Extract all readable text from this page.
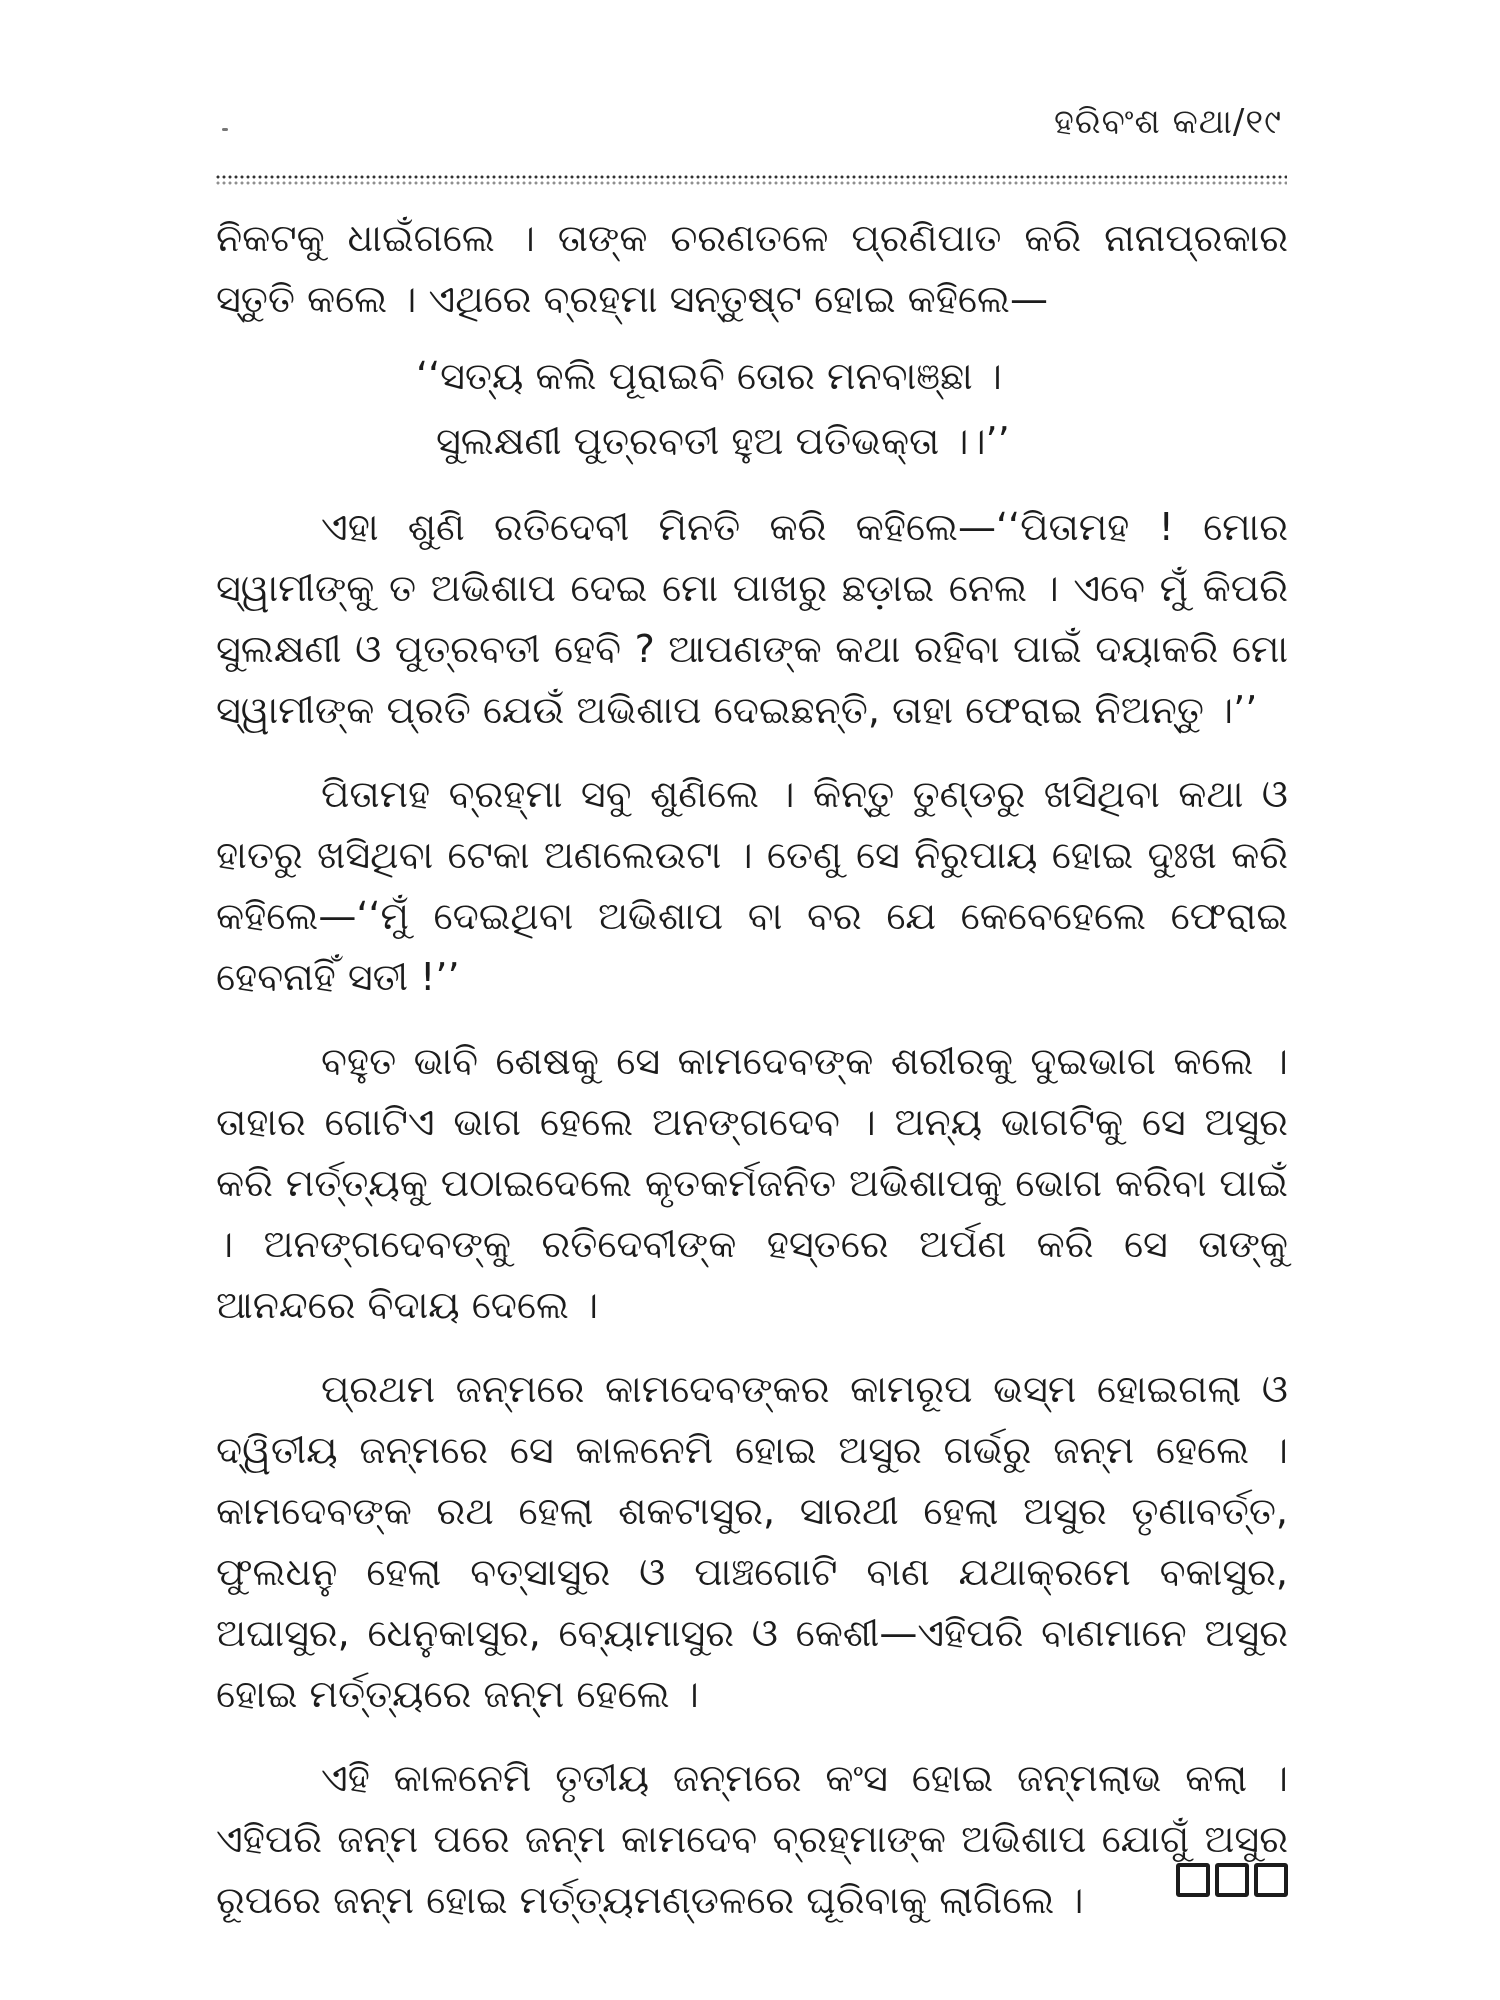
ହରିବଂଶ କଥା/୧୯

ନିକଟକୁ ଧାଇଁଗଲେ । ତାଙ୍କ ଚରଣତଳେ ପ୍ରଣିପାତ କରି ନାନାପ୍ରକାର ସ୍ତୁତି କଲେ । ଏଥିରେ ବ୍ରହ୍ମା ସନ୍ତୁଷ୍ଟ ହୋଇ କହିଲେ—

‘‘ସତ୍ୟ କଲି ପୂରାଇବି ତୋର ମନବାଞ୍ଛା ।
ସୁଲକ୍ଷଣୀ ପୁତ୍ରବତୀ ହୁଅ ପତିଭକ୍ତା ।।’’

ଏହା ଶୁଣି ରତିଦେବୀ ମିନତି କରି କହିଲେ—‘‘ପିତାମହ ! ମୋର ସ୍ୱାମୀଙ୍କୁ ତ ଅଭିଶାପ ଦେଇ ମୋ ପାଖରୁ ଛଡ଼ାଇ ନେଲ । ଏବେ ମୁଁ କିପରି ସୁଲକ୍ଷଣୀ ଓ ପୁତ୍ରବତୀ ହେବି ? ଆପଣଙ୍କ କଥା ରହିବା ପାଇଁ ଦୟାକରି ମୋ ସ୍ୱାମୀଙ୍କ ପ୍ରତି ଯେଉଁ ଅଭିଶାପ ଦେଇଛନ୍ତି, ତାହା ଫେରାଇ ନିଅନ୍ତୁ ।’’

ପିତାମହ ବ୍ରହ୍ମା ସବୁ ଶୁଣିଲେ । କିନ୍ତୁ ତୁଣ୍ଡରୁ ଖସିଥିବା କଥା ଓ ହାତରୁ ଖସିଥିବା ଟେକା ଅଣଲେଉଟା । ତେଣୁ ସେ ନିରୁପାୟ ହୋଇ ଦୁଃଖ କରି କହିଲେ—‘‘ମୁଁ ଦେଇଥିବା ଅଭିଶାପ ବା ବର ଯେ କେବେହେଲେ ଫେରାଇ ହେବନାହିଁ ସତୀ !’’

ବହୁତ ଭାବି ଶେଷକୁ ସେ କାମଦେବଙ୍କ ଶରୀରକୁ ଦୁଇଭାଗ କଲେ । ତାହାର ଗୋଟିଏ ଭାଗ ହେଲେ ଅନଙ୍ଗଦେବ । ଅନ୍ୟ ଭାଗଟିକୁ ସେ ଅସୁର କରି ମର୍ତ୍ତ୍ୟକୁ ପଠାଇଦେଲେ କୃତକର୍ମଜନିତ ଅଭିଶାପକୁ ଭୋଗ କରିବା ପାଇଁ । ଅନଙ୍ଗଦେବଙ୍କୁ ରତିଦେବୀଙ୍କ ହସ୍ତରେ ଅର୍ପଣ କରି ସେ ତାଙ୍କୁ ଆନନ୍ଦରେ ବିଦାୟ ଦେଲେ ।

ପ୍ରଥମ ଜନ୍ମରେ କାମଦେବଙ୍କର କାମରୂପ ଭସ୍ମ ହୋଇଗଲା ଓ ଦ୍ୱିତୀୟ ଜନ୍ମରେ ସେ କାଳନେମି ହୋଇ ଅସୁର ଗର୍ଭରୁ ଜନ୍ମ ହେଲେ । କାମଦେବଙ୍କ ରଥ ହେଲା ଶକଟାସୁର, ସାରଥୀ ହେଲା ଅସୁର ତୃଣାବର୍ତ୍ତ, ଫୁଲଧନୁ ହେଲା ବତ୍ସାସୁର ଓ ପାଞ୍ଚଗୋଟି ବାଣ ଯଥାକ୍ରମେ ବକାସୁର, ଅଘାସୁର, ଧେନୁକାସୁର, ବ୍ୟୋମାସୁର ଓ କେଶୀ—ଏହିପରି ବାଣମାନେ ଅସୁର ହୋଇ ମର୍ତ୍ତ୍ୟରେ ଜନ୍ମ ହେଲେ ।

ଏହି କାଳନେମି ତୃତୀୟ ଜନ୍ମରେ କଂସ ହୋଇ ଜନ୍ମଲାଭ କଲା । ଏହିପରି ଜନ୍ମ ପରେ ଜନ୍ମ କାମଦେବ ବ୍ରହ୍ମାଙ୍କ ଅଭିଶାପ ଯୋଗୁଁ ଅସୁର ରୂପରେ ଜନ୍ମ ହୋଇ ମର୍ତ୍ତ୍ୟମଣ୍ଡଳରେ ଘୂରିବାକୁ ଲାଗିଲେ ।
